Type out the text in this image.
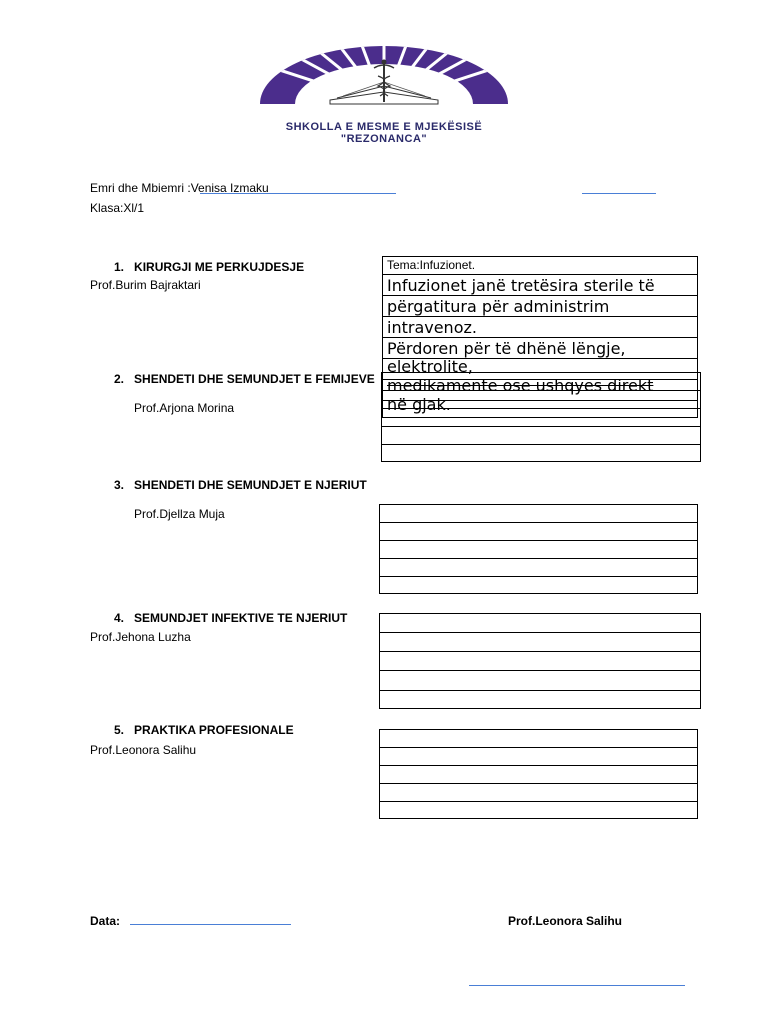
SHKOLLA E MESME E MJEKËSISË
"REZONANCA"
Emri dhe Mbiemri :Venisa Izmaku
Klasa:Xl/1
1. KIRURGJI ME PERKUJDESJE
Prof.Burim Bajraktari
Tema:Infuzionet.
Infuzionet janë tretësira sterile të
përgatitura për administrim
intravenoz.
Përdoren për të dhënë lëngje,
elektrolite,
medikamente ose ushqyes direkt
në gjak.
2. SHENDETI DHE SEMUNDJET E FEMIJEVE
Prof.Arjona Morina
3. SHENDETI DHE SEMUNDJET E NJERIUT
Prof.Djellza Muja
4. SEMUNDJET INFEKTIVE TE NJERIUT
Prof.Jehona Luzha
5. PRAKTIKA PROFESIONALE
Prof.Leonora Salihu
Data:	Prof.Leonora Salihu
